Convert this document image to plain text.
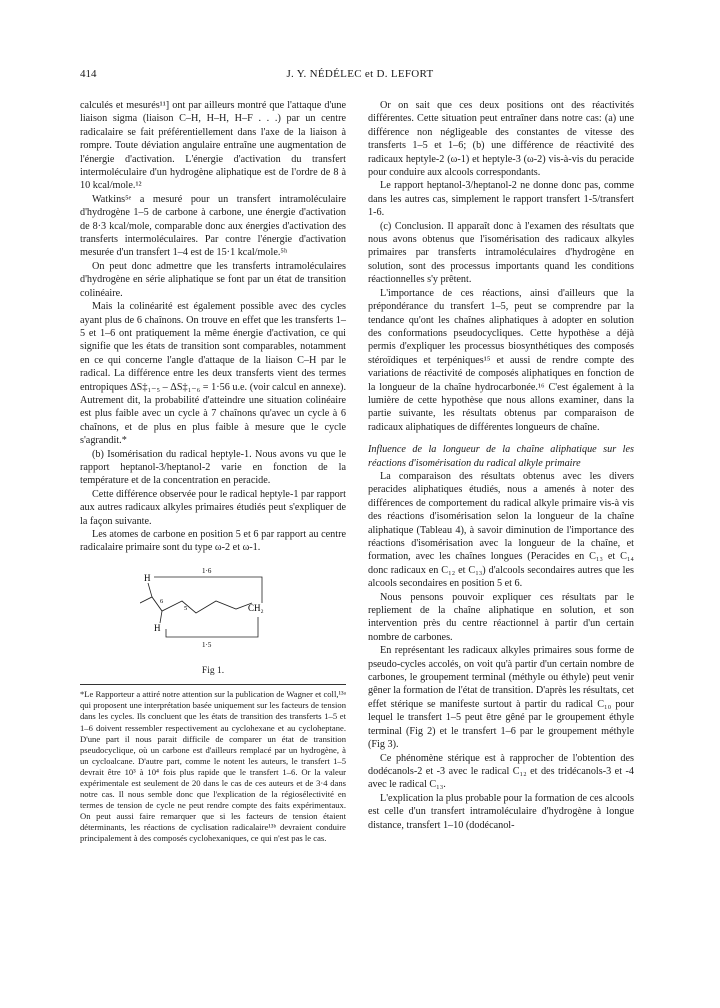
414	J. Y. NÉDÉLEC et D. LEFORT

calculés et mesurés¹¹] ont par ailleurs montré que l'attaque d'une liaison sigma (liaison C–H, H–H, H–F . . .) par un centre radicalaire se fait préférentiellement dans l'axe de la liaison à rompre. Toute déviation angulaire entraîne une augmentation de l'énergie d'activation. L'énergie d'activation du transfert intermoléculaire d'un hydrogène aliphatique est de l'ordre de 8 à 10 kcal/mole.¹²

Watkins⁵ᵉ a mesuré pour un transfert intramoléculaire d'hydrogène 1–5 de carbone à carbone, une énergie d'activation de 8·3 kcal/mole, comparable donc aux énergies d'activation des transferts intermoléculaires. Par contre l'énergie d'activation mesurée d'un transfert 1–4 est de 15·1 kcal/mole.⁵ʰ

On peut donc admettre que les transferts intramoléculaires d'hydrogène en série aliphatique se font par un état de transition colinéaire.

Mais la colinéarité est également possible avec des cycles ayant plus de 6 chaînons. On trouve en effet que les transferts 1–5 et 1–6 ont pratiquement la même énergie d'activation, ce qui signifie que les états de transition sont comparables, notamment en ce qui concerne l'angle d'attaque de la liaison C–H par le radical. La différence entre les deux transferts vient des termes entropiques ΔS‡₁₋₅ – ΔS‡₁₋₆ = 1·56 u.e. (voir calcul en annexe). Autrement dit, la probabilité d'atteindre une situation colinéaire est plus faible avec un cycle à 7 chaînons qu'avec un cycle à 6 chaînons, et de plus en plus faible à mesure que le cycle s'agrandit.*

(b) Isomérisation du radical heptyle-1. Nous avons vu que le rapport heptanol-3/heptanol-2 varie en fonction de la température et de la concentration en peracide.

Cette différence observée pour le radical heptyle-1 par rapport aux autres radicaux alkyles primaires étudiés peut s'expliquer de la façon suivante.

Les atomes de carbone en position 5 et 6 par rapport au centre radicalaire primaire sont du type ω-2 et ω-1.

1·6
H
6
5	CH₂
H
1·5
Fig 1.

*Le Rapporteur a attiré notre attention sur la publication de Wagner et coll,¹³ᵃ qui proposent une interprétation basée uniquement sur les facteurs de tension dans les cycles. Ils concluent que les états de transition des transferts 1–5 et 1–6 doivent ressembler respectivement au cyclohexane et au cycloheptane. D'une part il nous parait difficile de comparer un état de transition pseudocyclique, où un carbone est d'ailleurs remplacé par un hydrogène, à un cycloalcane. D'autre part, comme le notent les auteurs, le transfert 1–5 devrait être 10³ à 10⁴ fois plus rapide que le transfert 1–6. Or la valeur expérimentale est seulement de 20 dans le cas de ces auteurs et de 3·4 dans notre cas. Il nous semble donc que l'explication de la régiosélectivité en termes de tension de cycle ne peut rendre compte des faits expérimentaux. On peut aussi faire remarquer que si les facteurs de tension étaient déterminants, les réactions de cyclisation radicalaire¹³ᵇ devraient conduire principalement à des composés cyclohexaniques, ce qui n'est pas le cas.

Or on sait que ces deux positions ont des réactivités différentes. Cette situation peut entraîner dans notre cas: (a) une différence non négligeable des constantes de vitesse des transferts 1–5 et 1–6; (b) une différence de réactivité des radicaux heptyle-2 (ω-1) et heptyle-3 (ω-2) vis-à-vis du peracide pour conduire aux alcools correspondants.

Le rapport heptanol-3/heptanol-2 ne donne donc pas, comme dans les autres cas, simplement le rapport transfert 1-5/transfert 1-6.

(c) Conclusion. Il apparaît donc à l'examen des résultats que nous avons obtenus que l'isomérisation des radicaux alkyles primaires par transferts intramoléculaires d'hydrogène en solution, sont des processus importants quand les conditions réactionnelles s'y prêtent.

L'importance de ces réactions, ainsi d'ailleurs que la prépondérance du transfert 1–5, peut se comprendre par la tendance qu'ont les chaînes aliphatiques à adopter en solution des conformations pseudocycliques. Cette hypothèse a déjà permis d'expliquer les processus biosynthétiques des composés stéroïdiques et terpéniques¹⁵ et aussi de rendre compte des variations de réactivité de composés aliphatiques en fonction de la longueur de la chaîne hydrocarbonée.¹⁶ C'est également à la lumière de cette hypothèse que nous allons examiner, dans la partie suivante, les résultats obtenus par comparaison de radicaux aliphatiques de différentes longueurs de chaîne.

Influence de la longueur de la chaîne aliphatique sur les réactions d'isomérisation du radical alkyle primaire

La comparaison des résultats obtenus avec les divers peracides aliphatiques étudiés, nous a amenés à noter des différences de comportement du radical alkyle primaire vis-à vis des réactions d'isomérisation selon la longueur de la chaîne aliphatique (Tableau 4), à savoir diminution de l'importance des réactions d'isomérisation avec la longueur de la chaîne, et formation, avec les chaînes longues (Peracides en C₁₃ et C₁₄ donc radicaux en C₁₂ et C₁₃) d'alcools secondaires autres que les alcools secondaires en position 5 et 6.

Nous pensons pouvoir expliquer ces résultats par le repliement de la chaîne aliphatique en solution, et son intervention près du centre réactionnel à partir d'un certain nombre de carbones.

En représentant les radicaux alkyles primaires sous forme de pseudo-cycles accolés, on voit qu'à partir d'un certain nombre de carbones, le groupement terminal (méthyle ou éthyle) peut venir gêner la formation de l'état de transition. D'après les résultats, cet effet stérique se manifeste surtout à partir du radical C₁₀ pour lequel le transfert 1–5 peut être gêné par le groupement éthyle terminal (Fig 2) et le transfert 1–6 par le groupement méthyle (Fig 3).

Ce phénomène stérique est à rapprocher de l'obtention des dodécanols-2 et -3 avec le radical C₁₂ et des tridécanols-3 et -4 avec le radical C₁₃.

L'explication la plus probable pour la formation de ces alcools est celle d'un transfert intramoléculaire d'hydrogène à longue distance, transfert 1–10 (dodécanol-
